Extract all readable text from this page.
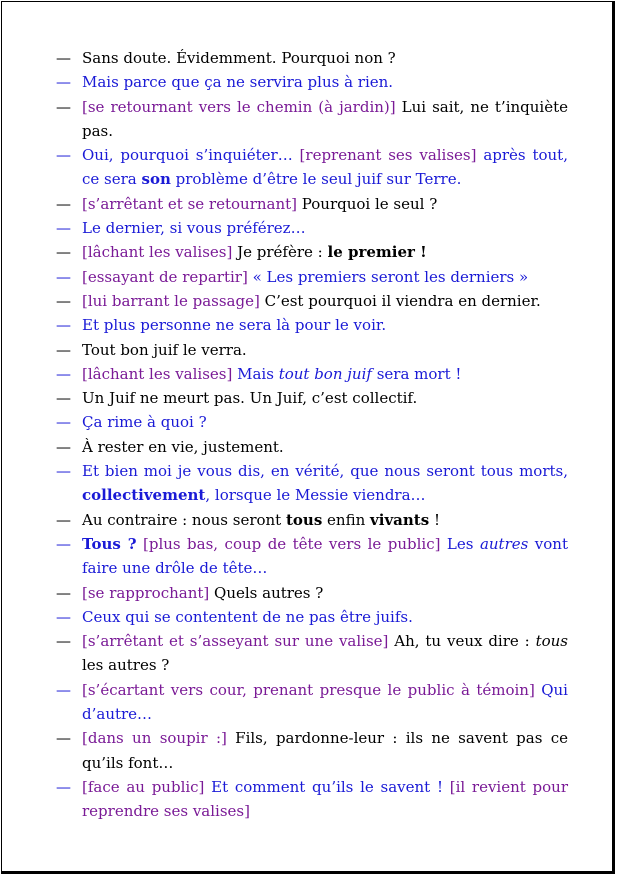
— Sans doute. Évidemment. Pourquoi non ?
— Mais parce que ça ne servira plus à rien.
— [se retournant vers le chemin (à jardin)] Lui sait, ne t’inquiète pas.
— Oui, pourquoi s’inquiéter… [reprenant ses valises] après tout, ce sera son problème d’être le seul juif sur Terre.
— [s’arrêtant et se retournant] Pourquoi le seul ?
— Le dernier, si vous préférez…
— [lâchant les valises] Je préfère : le premier !
— [essayant de repartir] « Les premiers seront les derniers »
— [lui barrant le passage] C’est pourquoi il viendra en dernier.
— Et plus personne ne sera là pour le voir.
— Tout bon juif le verra.
— [lâchant les valises] Mais tout bon juif sera mort !
— Un Juif ne meurt pas. Un Juif, c’est collectif.
— Ça rime à quoi ?
— À rester en vie, justement.
— Et bien moi je vous dis, en vérité, que nous seront tous morts, collectivement, lorsque le Messie viendra…
— Au contraire : nous seront tous enfin vivants !
— Tous ? [plus bas, coup de tête vers le public] Les autres vont faire une drôle de tête…
— [se rapprochant] Quels autres ?
— Ceux qui se contentent de ne pas être juifs.
— [s’arrêtant et s’asseyant sur une valise] Ah, tu veux dire : tous les autres ?
— [s’écartant vers cour, prenant presque le public à témoin] Qui d’autre…
— [dans un soupir :] Fils, pardonne-leur : ils ne savent pas ce qu’ils font…
— [face au public] Et comment qu’ils le savent ! [il revient pour reprendre ses valises]
